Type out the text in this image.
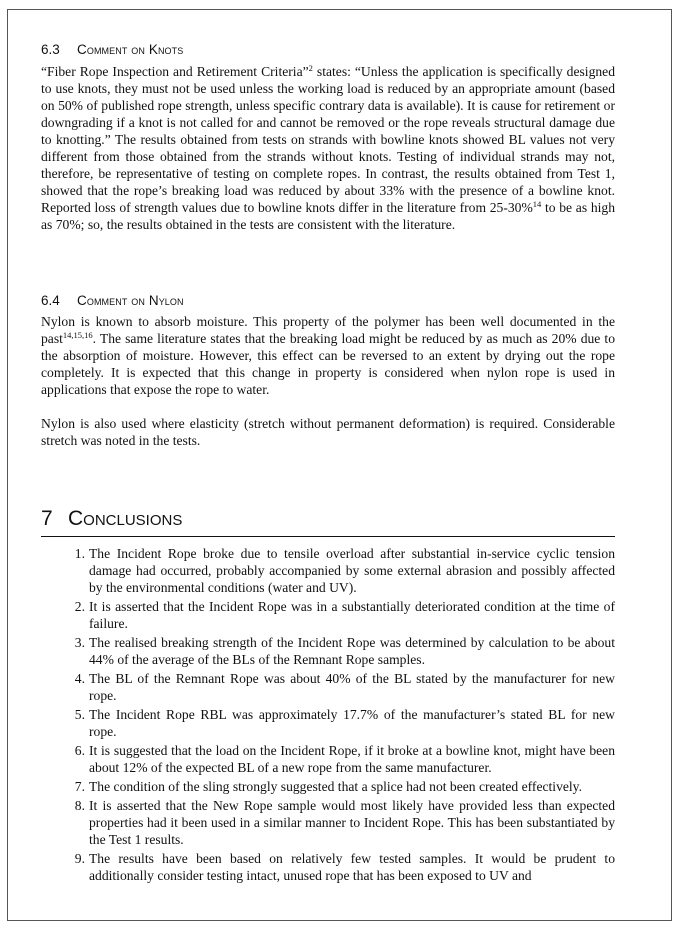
6.3 Comment on Knots

“Fiber Rope Inspection and Retirement Criteria”$^2$ states: “Unless the application is specifically designed to use knots, they must not be used unless the working load is reduced by an appropriate amount (based on 50% of published rope strength, unless specific contrary data is available). It is cause for retirement or downgrading if a knot is not called for and cannot be removed or the rope reveals structural damage due to knotting.” The results obtained from tests on strands with bowline knots showed BL values not very different from those obtained from the strands without knots. Testing of individual strands may not, therefore, be representative of testing on complete ropes. In contrast, the results obtained from Test 1, showed that the rope’s breaking load was reduced by about 33% with the presence of a bowline knot. Reported loss of strength values due to bowline knots differ in the literature from 25-30%$^{14}$ to be as high as 70%; so, the results obtained in the tests are consistent with the literature.

6.4 Comment on Nylon

Nylon is known to absorb moisture. This property of the polymer has been well documented in the past$^{14,15,16}$. The same literature states that the breaking load might be reduced by as much as 20% due to the absorption of moisture. However, this effect can be reversed to an extent by drying out the rope completely. It is expected that this change in property is considered when nylon rope is used in applications that expose the rope to water.

Nylon is also used where elasticity (stretch without permanent deformation) is required. Considerable stretch was noted in the tests.

7 Conclusions
1 . The Incident Rope broke due to tensile overload after substantial in-service cyclic tension damage had occurred, probably accompanied by some external abrasion and possibly affected by the environmental conditions (water and UV).
2 . It is asserted that the Incident Rope was in a substantially deteriorated condition at the time of failure.
3 . The realised breaking strength of the Incident Rope was determined by calculation to be about 44% of the average of the BLs of the Remnant Rope samples.
4 . The BL of the Remnant Rope was about 40% of the BL stated by the manufacturer for new rope.
5 . The Incident Rope RBL was approximately 17.7% of the manufacturer’s stated BL for new rope.
6 . It is suggested that the load on the Incident Rope, if it broke at a bowline knot, might have been about 12% of the expected BL of a new rope from the same manufacturer.
7 . The condition of the sling strongly suggested that a splice had not been created effectively.
8 . It is asserted that the New Rope sample would most likely have provided less than expected properties had it been used in a similar manner to Incident Rope. This has been substantiated by the Test 1 results.
9 . The results have been based on relatively few tested samples. It would be prudent to additionally consider testing intact, unused rope that has been exposed to UV and
